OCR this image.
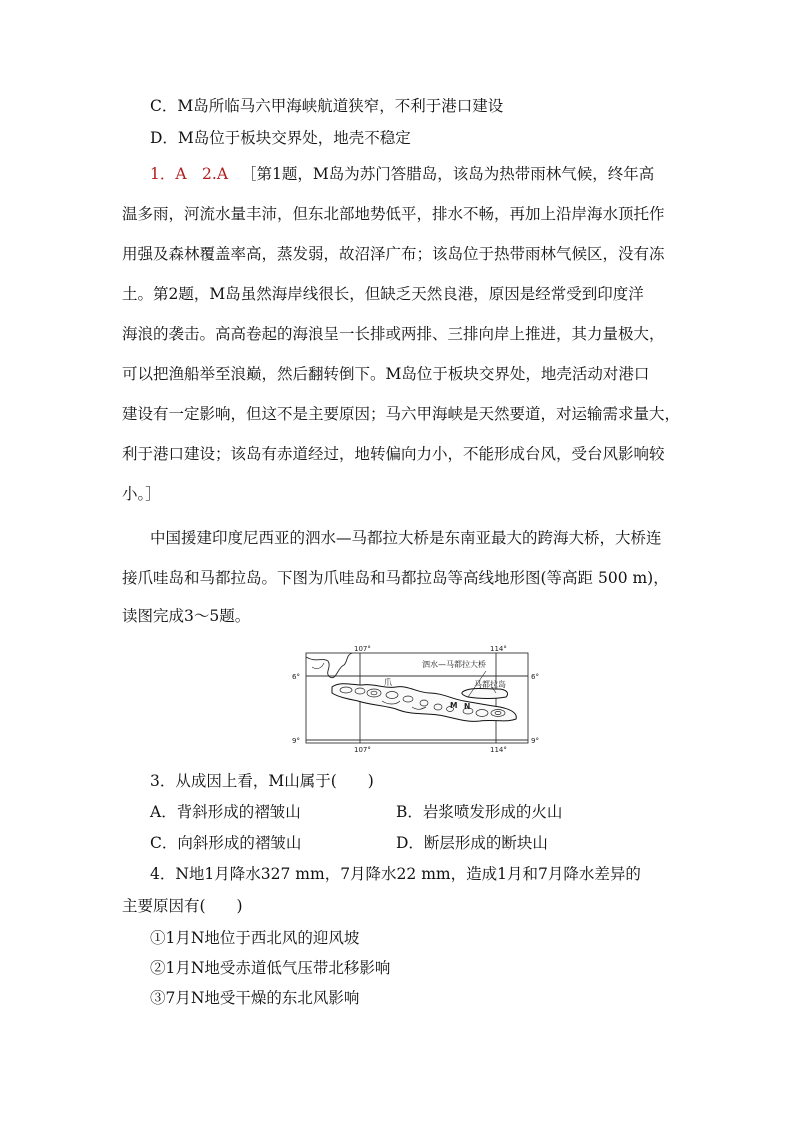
C．M岛所临马六甲海峡航道狭窄，不利于港口建设
D．M岛位于板块交界处，地壳不稳定
1．A　2.A ［第1题，M岛为苏门答腊岛，该岛为热带雨林气候，终年高
温多雨，河流水量丰沛，但东北部地势低平，排水不畅，再加上沿岸海水顶托作
用强及森林覆盖率高，蒸发弱，故沼泽广布；该岛位于热带雨林气候区，没有冻
土。第2题，M岛虽然海岸线很长，但缺乏天然良港，原因是经常受到印度洋
海浪的袭击。高高卷起的海浪呈一长排或两排、三排向岸上推进，其力量极大，
可以把渔船举至浪巅，然后翻转倒下。M岛位于板块交界处，地壳活动对港口
建设有一定影响，但这不是主要原因；马六甲海峡是天然要道，对运输需求量大，
利于港口建设；该岛有赤道经过，地转偏向力小，不能形成台风，受台风影响较
小。］
中国援建印度尼西亚的泗水—马都拉大桥是东南亚最大的跨海大桥，大桥连
接爪哇岛和马都拉岛。下图为爪哇岛和马都拉岛等高线地形图(等高距 500 m)，
读图完成3～5题。
107°	114°
107°	114°
6°	6°
9°	9°
泗水—马都拉大桥
马都拉岛
爪
M N
3．从成因上看，M山属于(　　)
A．背斜形成的褶皱山	B．岩浆喷发形成的火山
C．向斜形成的褶皱山	D．断层形成的断块山
4．N地1月降水327 mm，7月降水22 mm，造成1月和7月降水差异的
主要原因有(　　)
①1月N地位于西北风的迎风坡
②1月N地受赤道低气压带北移影响
③7月N地受干燥的东北风影响
